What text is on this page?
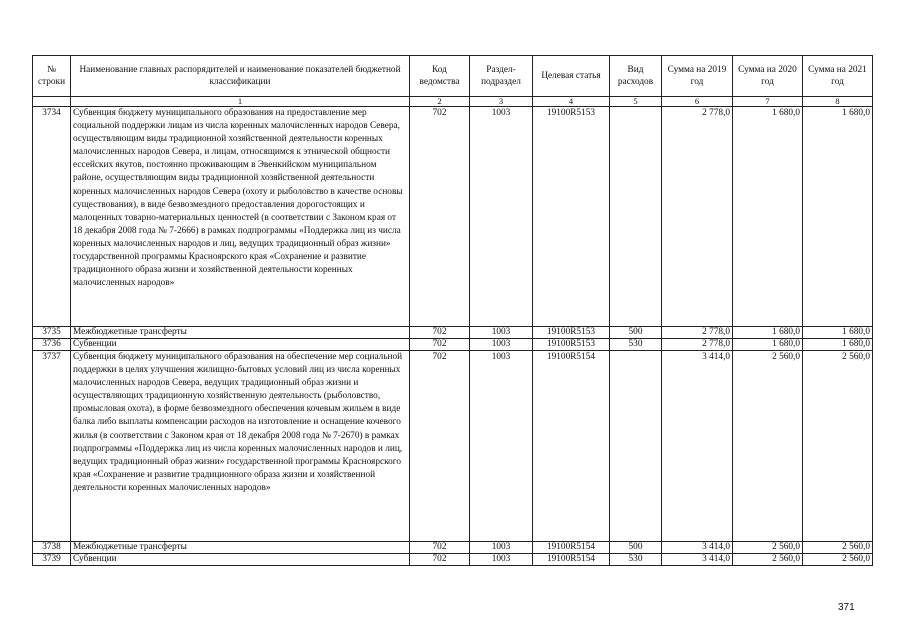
№ строки	Наименование главных распорядителей и наименование показателей бюджетной классификации	Код ведомства	Раздел-подраздел	Целевая статья	Вид расходов	Сумма на 2019 год	Сумма на 2020 год	Сумма на 2021 год
	1	2	3	4	5	6	7	8
3734	Субвенция бюджету муниципального образования на предоставление мер социальной поддержки лицам из числа коренных малочисленных народов Севера, осуществляющим виды традиционной хозяйственной деятельности коренных малочисленных народов Севера, и лицам, относящимся к этнической общности ессейских якутов, постоянно проживающим в Эвенкийском муниципальном районе, осуществляющим виды традиционной хозяйственной деятельности коренных малочисленных народов Севера (охоту и рыболовство в качестве основы существования), в виде безвозмездного предоставления дорогостоящих и малоценных товарно-материальных ценностей (в соответствии с Законом края от 18 декабря 2008 года № 7-2666) в рамках подпрограммы «Поддержка лиц из числа коренных малочисленных народов и лиц, ведущих традиционный образ жизни» государственной программы Красноярского края «Сохранение и развитие традиционного образа жизни и хозяйственной деятельности коренных малочисленных народов»	702	1003	19100R5153		2 778,0	1 680,0	1 680,0
3735	Межбюджетные трансферты	702	1003	19100R5153	500	2 778,0	1 680,0	1 680,0
3736	Субвенции	702	1003	19100R5153	530	2 778,0	1 680,0	1 680,0
3737	Субвенция бюджету муниципального образования на обеспечение мер социальной поддержки в целях улучшения жилищно-бытовых условий лиц из числа коренных малочисленных народов Севера, ведущих традиционный образ жизни и осуществляющих традиционную хозяйственную деятельность (рыболовство, промысловая охота), в форме безвозмездного обеспечения кочевым жильем в виде балка либо выплаты компенсации расходов на изготовление и оснащение кочевого жилья (в соответствии с Законом края от 18 декабря 2008 года № 7-2670) в рамках подпрограммы «Поддержка лиц из числа коренных малочисленных народов и лиц, ведущих традиционный образ жизни» государственной программы Красноярского края «Сохранение и развитие традиционного образа жизни и хозяйственной деятельности коренных малочисленных народов»	702	1003	19100R5154		3 414,0	2 560,0	2 560,0
3738	Межбюджетные трансферты	702	1003	19100R5154	500	3 414,0	2 560,0	2 560,0
3739	Субвенции	702	1003	19100R5154	530	3 414,0	2 560,0	2 560,0
371
